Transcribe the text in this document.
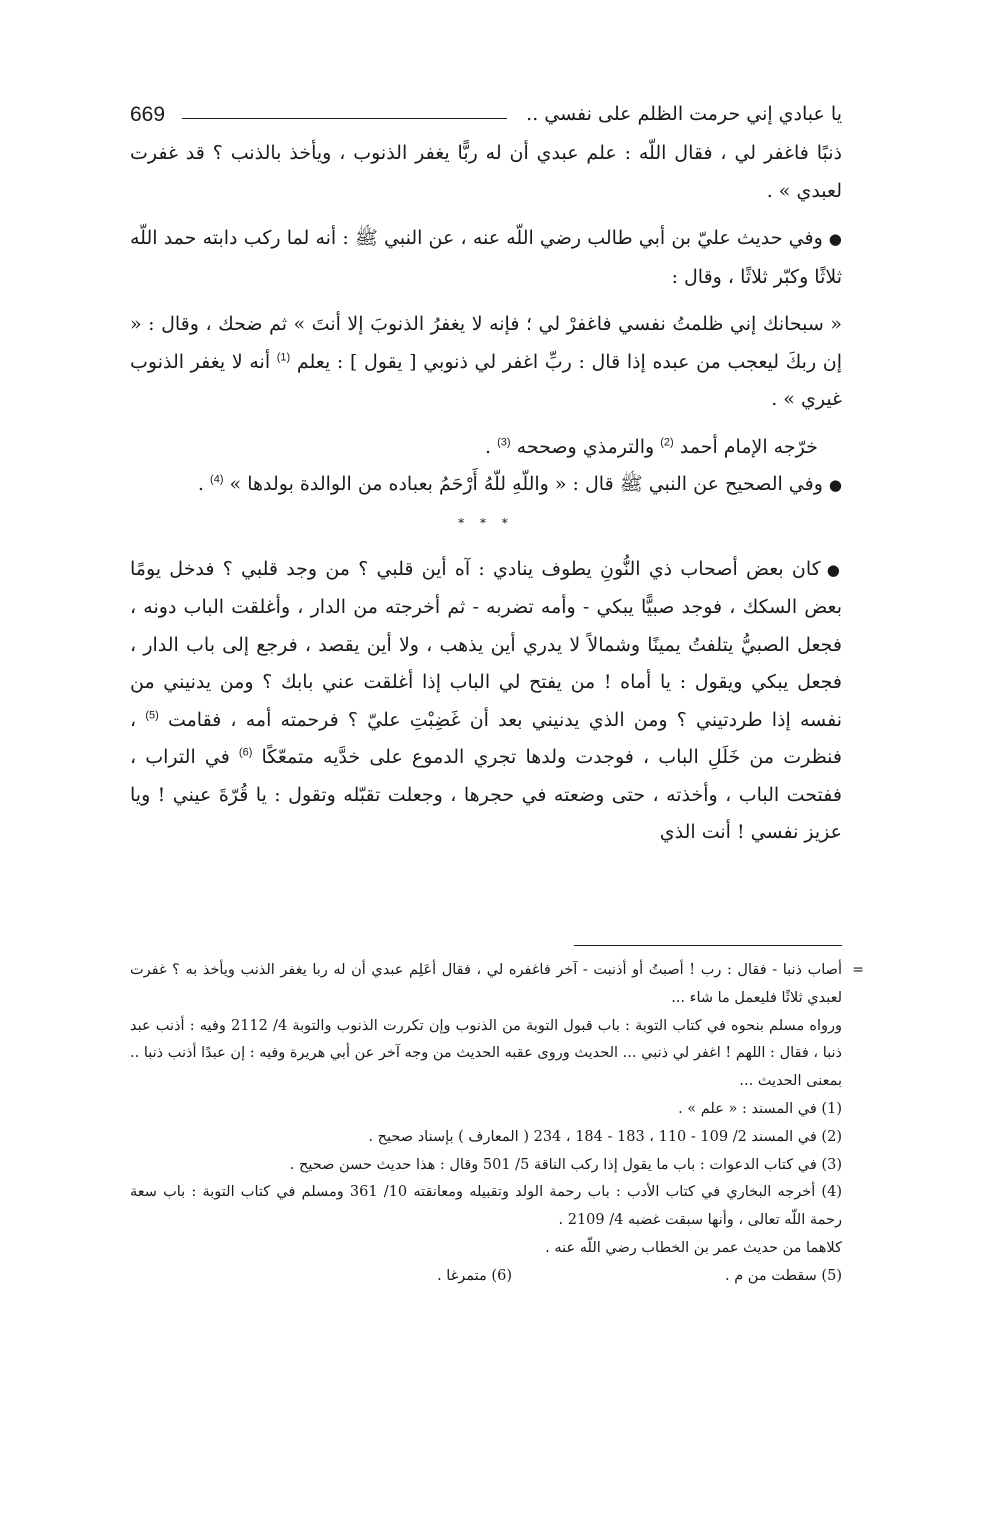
يا عبادي إني حرمت الظلم على نفسي ..
669

ذنبًا فاغفر لي ، فقال اللّه : علم عبدي أن له ربًّا يغفر الذنوب ، ويأخذ بالذنب ؟ قد غفرت لعبدي » .

●وفي حديث عليّ بن أبي طالب رضي اللّه عنه ، عن النبي ﷺ : أنه لما ركب دابته حمد اللّه ثلاثًا وكبّر ثلاثًا ، وقال :

« سبحانك إني ظلمتُ نفسي فاغفرْ لي ؛ فإنه لا يغفرُ الذنوبَ إلا أنتَ » ثم ضحك ، وقال : « إن ربكَ ليعجب من عبده إذا قال : ربِّ اغفر لي ذنوبي [ يقول ] : يعلم $^{(1)}$ أنه لا يغفر الذنوب غيري » .

خرّجه الإمام أحمد $^{(2)}$ والترمذي وصححه $^{(3)}$ .

●وفي الصحيح عن النبي ﷺ قال : « واللّهِ للّهُ أَرْحَمُ بعباده من الوالدة بولدها » $^{(4)}$ .

* * *

●كان بعض أصحاب ذي النُّونِ يطوف ينادي : آه أين قلبي ؟ من وجد قلبي ؟ فدخل يومًا بعض السكك ، فوجد صبيًّا يبكي - وأمه تضربه - ثم أخرجته من الدار ، وأغلقت الباب دونه ، فجعل الصبيُّ يتلفتُ يمينًا وشمالاً لا يدري أين يذهب ، ولا أين يقصد ، فرجع إلى باب الدار ، فجعل يبكي ويقول : يا أماه ! من يفتح لي الباب إذا أغلقت عني بابك ؟ ومن يدنيني من نفسه إذا طردتيني ؟ ومن الذي يدنيني بعد أن غَضِبْتِ عليّ ؟ فرحمته أمه ، فقامت $^{(5)}$ ، فنظرت من خَلَلِ الباب ، فوجدت ولدها تجري الدموع على خدَّيه متمعّكًا $^{(6)}$ في التراب ، ففتحت الباب ، وأخذته ، حتى وضعته في حجرها ، وجعلت تقبّله وتقول : يا قُرّةَ عيني ! ويا عزيز نفسي ! أنت الذي

=

أصاب ذنبا - فقال : رب ! أصبتُ أو أذنبت - آخر فاغفره لي ، فقال أعَلِم عبدي أن له ربا يغفر الذنب ويأخذ به ؟ غفرت لعبدي ثلاثًا فليعمل ما شاء ...

ورواه مسلم بنحوه في كتاب التوبة : باب قبول التوبة من الذنوب وإن تكررت الذنوب والتوبة 4/ 2112 وفيه : أذنب عبد ذنبا ، فقال : اللهم ! اغفر لي ذنبي ... الحديث وروى عقبه الحديث من وجه آخر عن أبي هريرة وفيه : إن عبدًا أذنب ذنبا .. بمعنى الحديث ...

(1) في المسند : « علم » .

(2) في المسند 2/ 109 - 110 ، 183 - 184 ، 234 ( المعارف ) بإسناد صحيح .

(3) في كتاب الدعوات : باب ما يقول إذا ركب الناقة 5/ 501 وقال : هذا حديث حسن صحيح .

(4) أخرجه البخاري في كتاب الأدب : باب رحمة الولد وتقبيله ومعانقته 10/ 361 ومسلم في كتاب التوبة : باب سعة رحمة اللّه تعالى ، وأنها سبقت غضبه 4/ 2109 .

كلاهما من حديث عمر بن الخطاب رضي اللّه عنه .

(5) سقطت من م .
(6) متمرغا .
